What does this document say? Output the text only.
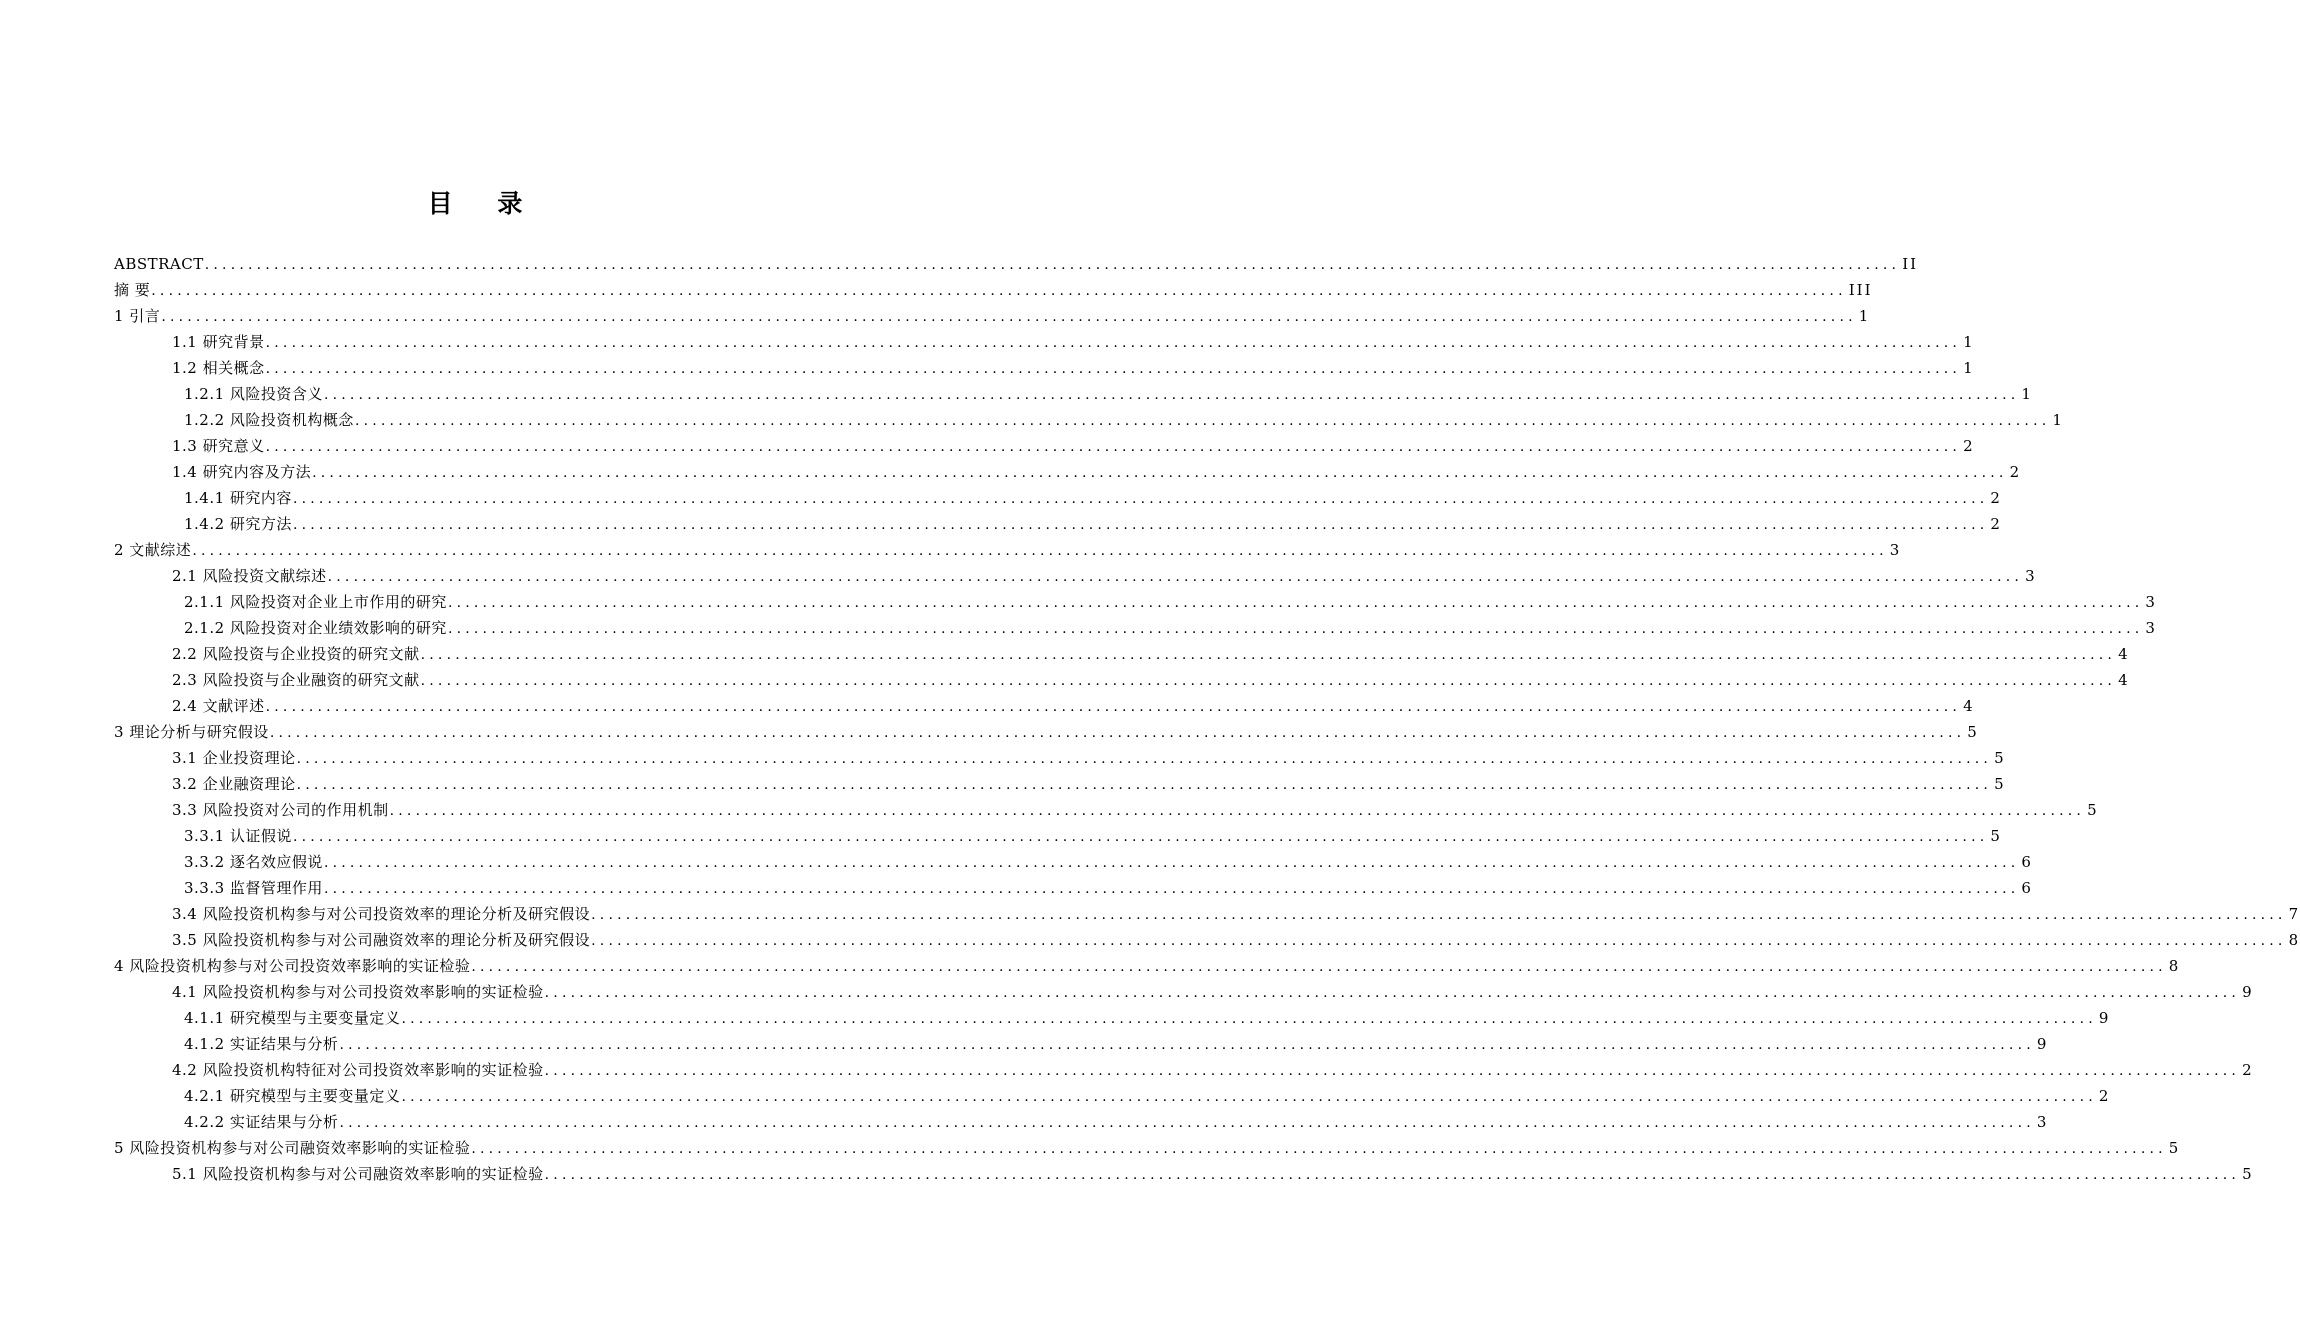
目 录
ABSTRACT .....	II
摘 要 .....	III
1 引言 .....	1
1.1 研究背景 .....	1
1.2 相关概念 .....	1
1.2.1 风险投资含义 .....	1
1.2.2 风险投资机构概念 .....	1
1.3 研究意义 .....	2
1.4 研究内容及方法 .....	2
1.4.1 研究内容 .....	2
1.4.2 研究方法 .....	2
2 文献综述 .....	3
2.1 风险投资文献综述 .....	3
2.1.1 风险投资对企业上市作用的研究 .....	3
2.1.2 风险投资对企业绩效影响的研究 .....	3
2.2 风险投资与企业投资的研究文献 .....	4
2.3 风险投资与企业融资的研究文献 .....	4
2.4 文献评述 .....	4
3 理论分析与研究假设 .....	5
3.1 企业投资理论 .....	5
3.2 企业融资理论 .....	5
3.3 风险投资对公司的作用机制 .....	5
3.3.1 认证假说 .....	5
3.3.2 逐名效应假说 .....	6
3.3.3 监督管理作用 .....	6
3.4 风险投资机构参与对公司投资效率的理论分析及研究假设 .....	7
3.5 风险投资机构参与对公司融资效率的理论分析及研究假设 .....	8
4 风险投资机构参与对公司投资效率影响的实证检验 .....	8
4.1 风险投资机构参与对公司投资效率影响的实证检验 .....	9
4.1.1 研究模型与主要变量定义 .....	9
4.1.2 实证结果与分析 .....	9
4.2 风险投资机构特征对公司投资效率影响的实证检验 .....	2
4.2.1 研究模型与主要变量定义 .....	2
4.2.2 实证结果与分析 .....	3
5 风险投资机构参与对公司融资效率影响的实证检验 .....	5
5.1 风险投资机构参与对公司融资效率影响的实证检验 .....	5
